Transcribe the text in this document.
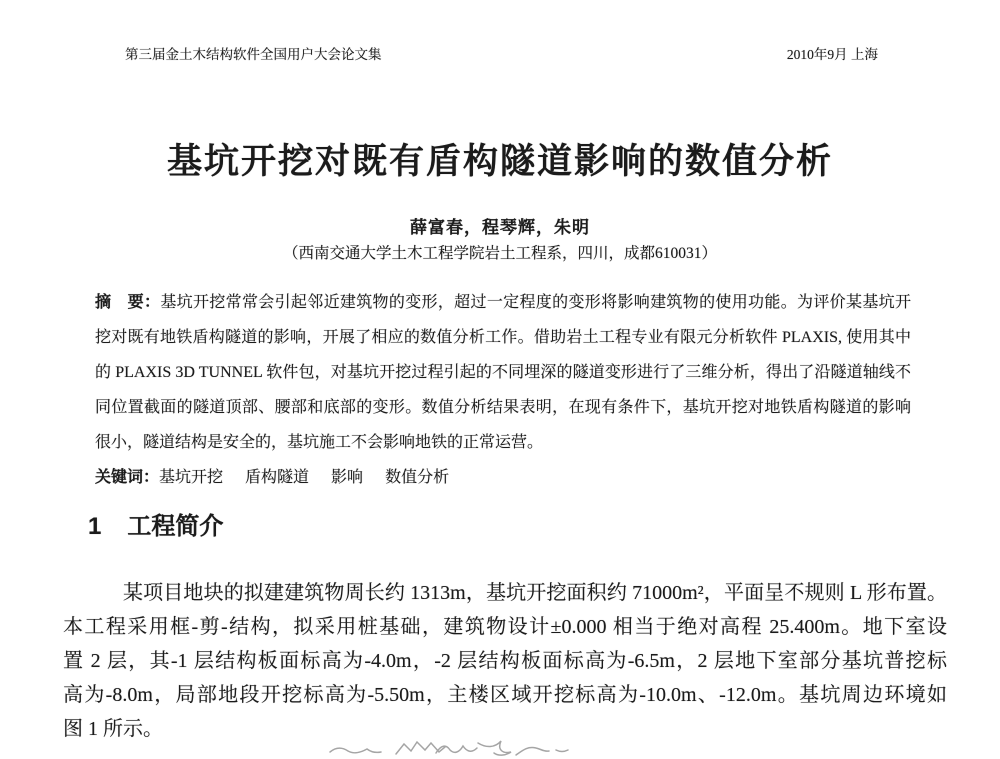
第三届金土木结构软件全国用户大会论文集	2010年9月 上海
基坑开挖对既有盾构隧道影响的数值分析
薛富春，程琴辉，朱明
（西南交通大学土木工程学院岩土工程系，四川，成都610031）
摘　要：基坑开挖常常会引起邻近建筑物的变形，超过一定程度的变形将影响建筑物的使用功能。为评价某基坑开
挖对既有地铁盾构隧道的影响，开展了相应的数值分析工作。借助岩土工程专业有限元分析软件 PLAXIS, 使用其中
的 PLAXIS 3D TUNNEL 软件包，对基坑开挖过程引起的不同埋深的隧道变形进行了三维分析，得出了沿隧道轴线不
同位置截面的隧道顶部、腰部和底部的变形。数值分析结果表明，在现有条件下，基坑开挖对地铁盾构隧道的影响
很小，隧道结构是安全的，基坑施工不会影响地铁的正常运营。
关键词：基坑开挖 盾构隧道 影响 数值分析
1 工程简介
某项目地块的拟建建筑物周长约 1313m，基坑开挖面积约 71000m²，平面呈不规则 L 形布置。
本工程采用框-剪-结构，拟采用桩基础，建筑物设计±0.000 相当于绝对高程 25.400m。地下室设
置 2 层，其-1 层结构板面标高为-4.0m，-2 层结构板面标高为-6.5m，2 层地下室部分基坑普挖标
高为-8.0m，局部地段开挖标高为-5.50m，主楼区域开挖标高为-10.0m、-12.0m。基坑周边环境如
图 1 所示。
